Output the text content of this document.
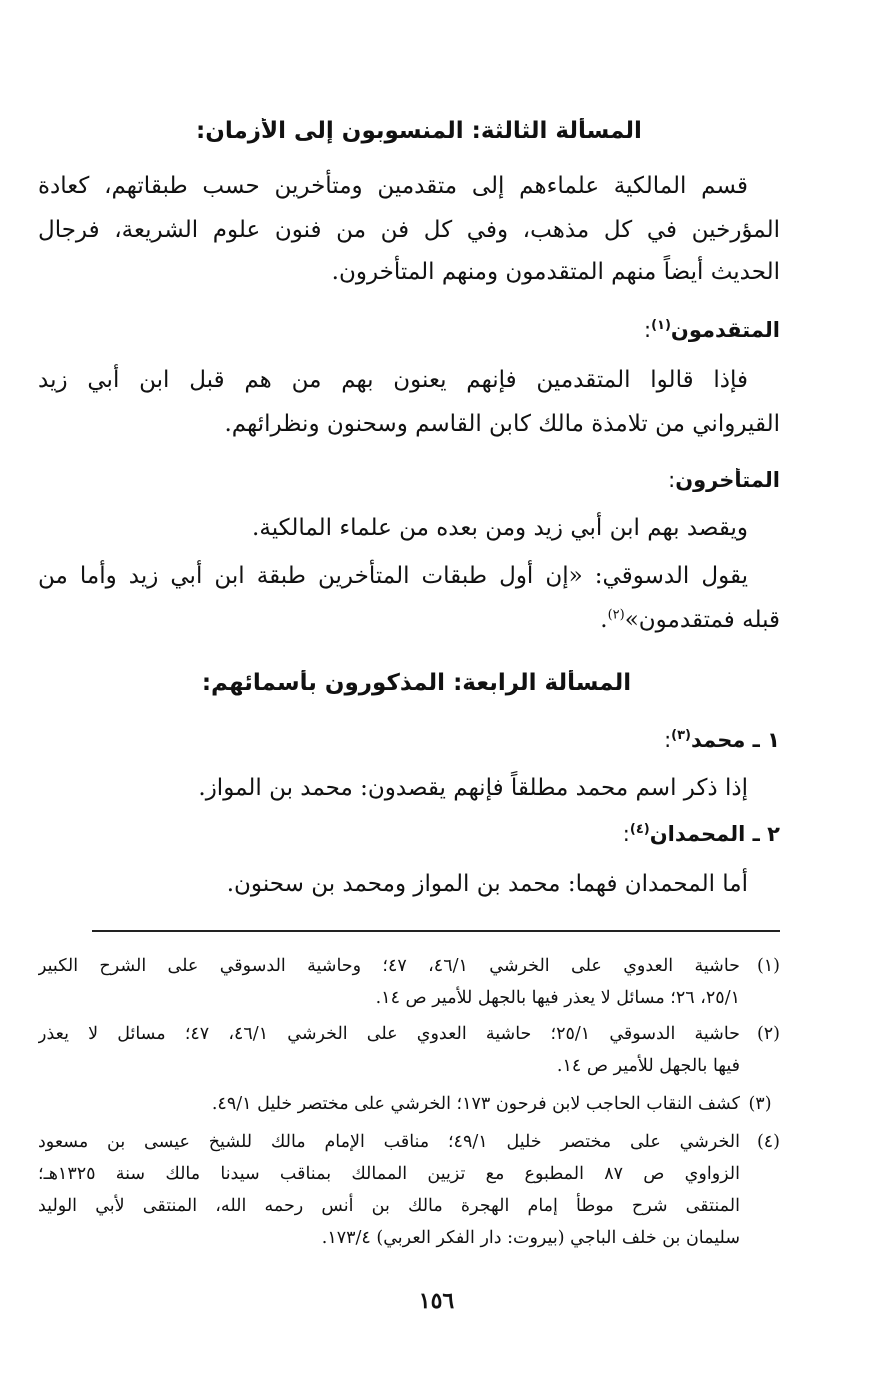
المسألة الثالثة: المنسوبون إلى الأزمان:
قسم المالكية علماءهم إلى متقدمين ومتأخرين حسب طبقاتهم، كعادة
المؤرخين في كل مذهب، وفي كل فن من فنون علوم الشريعة، فرجال
الحديث أيضاً منهم المتقدمون ومنهم المتأخرون.
المتقدمون$^{(١)}$:
فإذا قالوا المتقدمين فإنهم يعنون بهم من هم قبل ابن أبي زيد
القيرواني من تلامذة مالك كابن القاسم وسحنون ونظرائهم.
المتأخرون:
ويقصد بهم ابن أبي زيد ومن بعده من علماء المالكية.
يقول الدسوقي: «إن أول طبقات المتأخرين طبقة ابن أبي زيد وأما من
قبله فمتقدمون»$^{(٢)}$.
المسألة الرابعة: المذكورون بأسمائهم:
١ ـ محمد$^{(٣)}$:
إذا ذكر اسم محمد مطلقاً فإنهم يقصدون: محمد بن المواز.
٢ ـ المحمدان$^{(٤)}$:
أما المحمدان فهما: محمد بن المواز ومحمد بن سحنون.
(١)
حاشية العدوي على الخرشي ٤٦/١، ٤٧؛ وحاشية الدسوقي على الشرح الكبير
٢٥/١، ٢٦؛ مسائل لا يعذر فيها بالجهل للأمير ص ١٤.
(٢)
حاشية الدسوقي ٢٥/١؛ حاشية العدوي على الخرشي ٤٦/١، ٤٧؛ مسائل لا يعذر
فيها بالجهل للأمير ص ١٤.
(٣)
كشف النقاب الحاجب لابن فرحون ١٧٣؛ الخرشي على مختصر خليل ٤٩/١.
(٤)
الخرشي على مختصر خليل ٤٩/١؛ مناقب الإمام مالك للشيخ عيسى بن مسعود
الزواوي ص ٨٧ المطبوع مع تزيين الممالك بمناقب سيدنا مالك سنة ١٣٢٥هـ؛
المنتقى شرح موطأ إمام الهجرة مالك بن أنس رحمه الله، المنتقى لأبي الوليد
سليمان بن خلف الباجي (بيروت: دار الفكر العربي) ١٧٣/٤.
١٥٦
